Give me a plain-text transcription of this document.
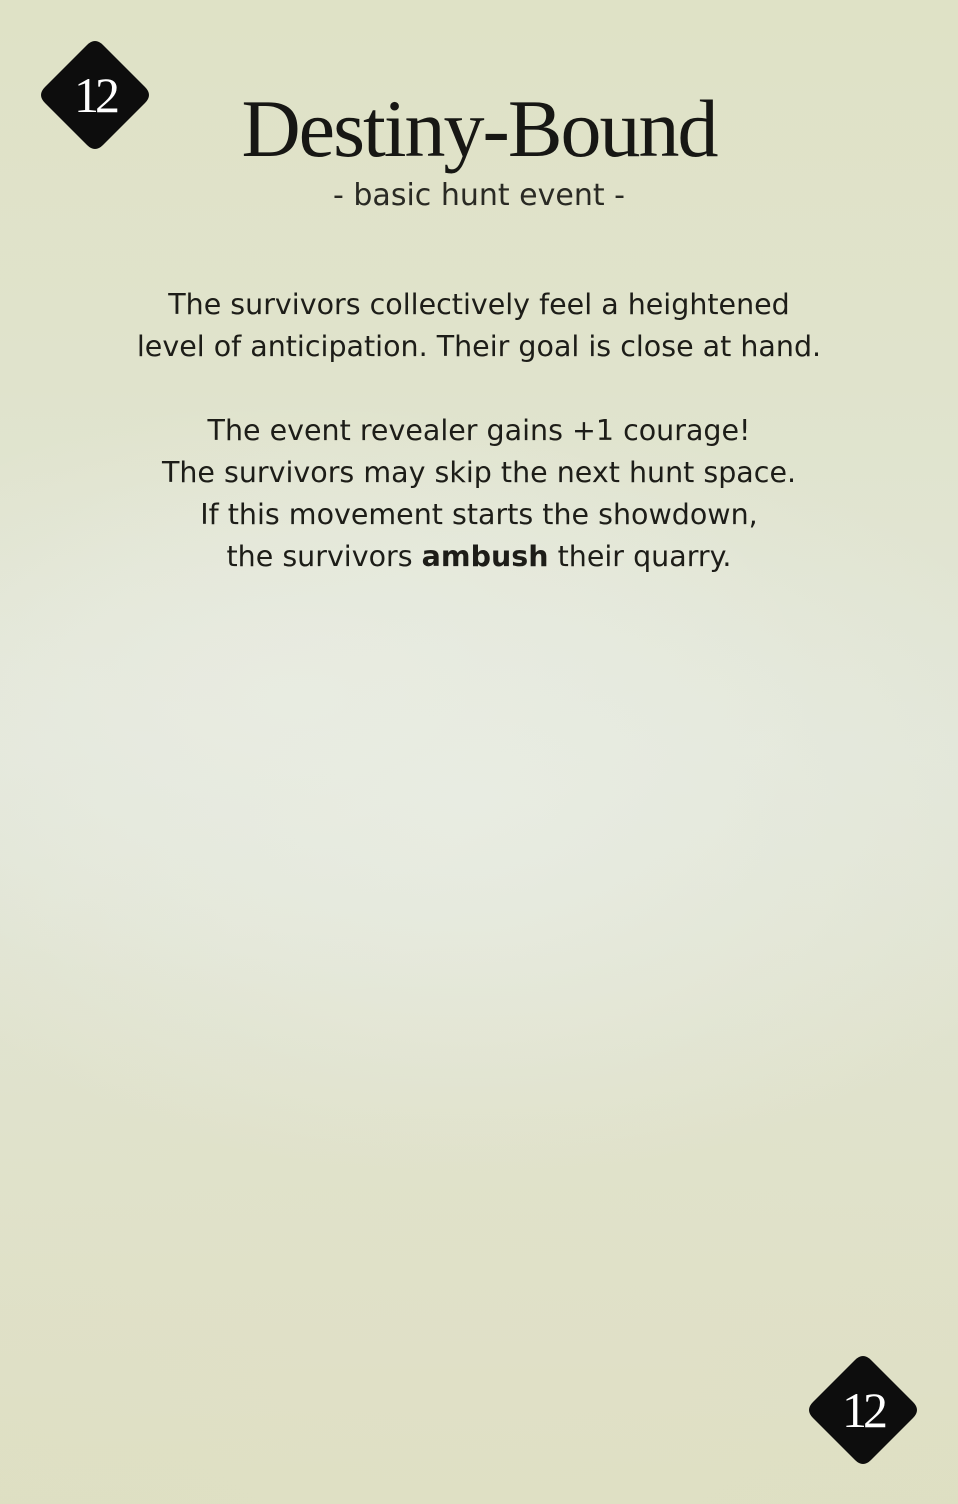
12	Destiny-Bound
- basic hunt event -
The survivors collectively feel a heightened
level of anticipation. Their goal is close at hand.
The event revealer gains +1 courage!
The survivors may skip the next hunt space.
If this movement starts the showdown,
the survivors ambush their quarry.
12
